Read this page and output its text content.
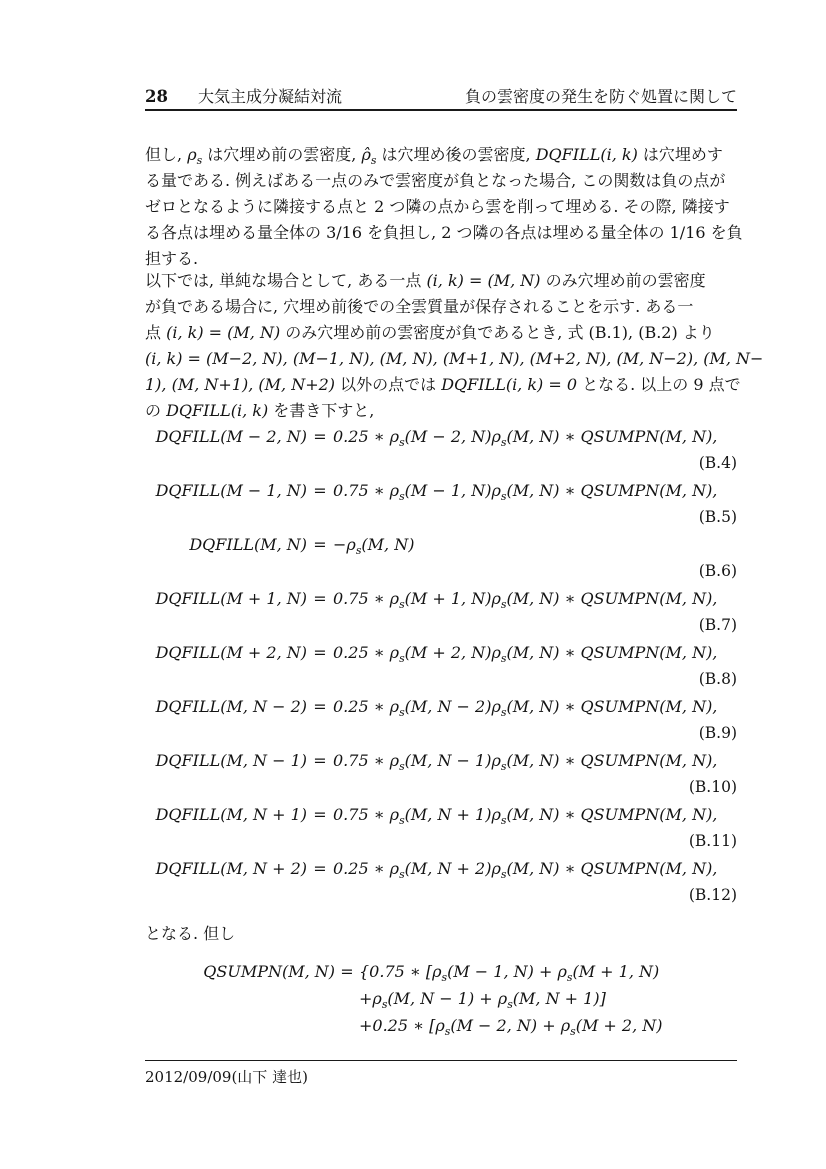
28 大気主成分凝結対流	負の雲密度の発生を防ぐ処置に関して
但し, $\rho_s$ は穴埋め前の雲密度, $\rhô_s$ は穴埋め後の雲密度, DQFILL(i, k) は穴埋めす
る量である. 例えばある一点のみで雲密度が負となった場合, この関数は負の点が
ゼロとなるように隣接する点と 2 つ隣の点から雲を削って埋める. その際, 隣接す
る各点は埋める量全体の 3/16 を負担し, 2 つ隣の各点は埋める量全体の 1/16 を負
担する.
以下では, 単純な場合として, ある一点 (i, k) = (M, N) のみ穴埋め前の雲密度
が負である場合に, 穴埋め前後での全雲質量が保存されることを示す. ある一
点 (i, k) = (M, N) のみ穴埋め前の雲密度が負であるとき, 式 (B.1), (B.2) より
(i, k) = (M−2, N), (M−1, N), (M, N), (M+1, N), (M+2, N), (M, N−2), (M, N−
1), (M, N+1), (M, N+2) 以外の点では DQFILL(i, k) = 0 となる. 以上の 9 点で
の DQFILL(i, k) を書き下すと,
DQFILL(M − 2, N) = 0.25 ∗ $\rho_s(M - 2$, $N)\rho_s(M$, N) ∗ QSUMPN(M, N),
(B.4)
DQFILL(M − 1, N) = 0.75 ∗ $\rho_s(M - 1$, $N)\rho_s(M$, N) ∗ QSUMPN(M, N),
(B.5)
DQFILL(M, $N) = -\rho_s(M$, N)
(B.6)
DQFILL(M + 1, N) = 0.75 ∗ $\rho_s(M + 1$, $N)\rho_s(M$, N) ∗ QSUMPN(M, N),
(B.7)
DQFILL(M + 2, N) = 0.25 ∗ $\rho_s(M + 2$, $N)\rho_s(M$, N) ∗ QSUMPN(M, N),
(B.8)
DQFILL(M, N − 2) = 0.25 ∗ $\rho_s(M$, $N - 2)\rho_s(M$, N) ∗ QSUMPN(M, N),
(B.9)
DQFILL(M, N − 1) = 0.75 ∗ $\rho_s(M$, $N - 1)\rho_s(M$, N) ∗ QSUMPN(M, N),
(B.10)
DQFILL(M, N + 1) = 0.75 ∗ $\rho_s(M$, $N + 1)\rho_s(M$, N) ∗ QSUMPN(M, N),
(B.11)
DQFILL(M, N + 2) = 0.25 ∗ $\rho_s(M$, $N + 2)\rho_s(M$, N) ∗ QSUMPN(M, N),
(B.12)
となる. 但し
QSUMPN(M, N) = {0.75 ∗ [$\rho_s(M - 1$, $N) + \rho_s(M + 1$, N)
$+\rho_s(M$, $N - 1) + \rho_s(M$, N + 1)]
+0.25 ∗ [$\rho_s(M - 2$, $N) + \rho_s(M + 2$, N)
2012/09/09(山下 達也)
